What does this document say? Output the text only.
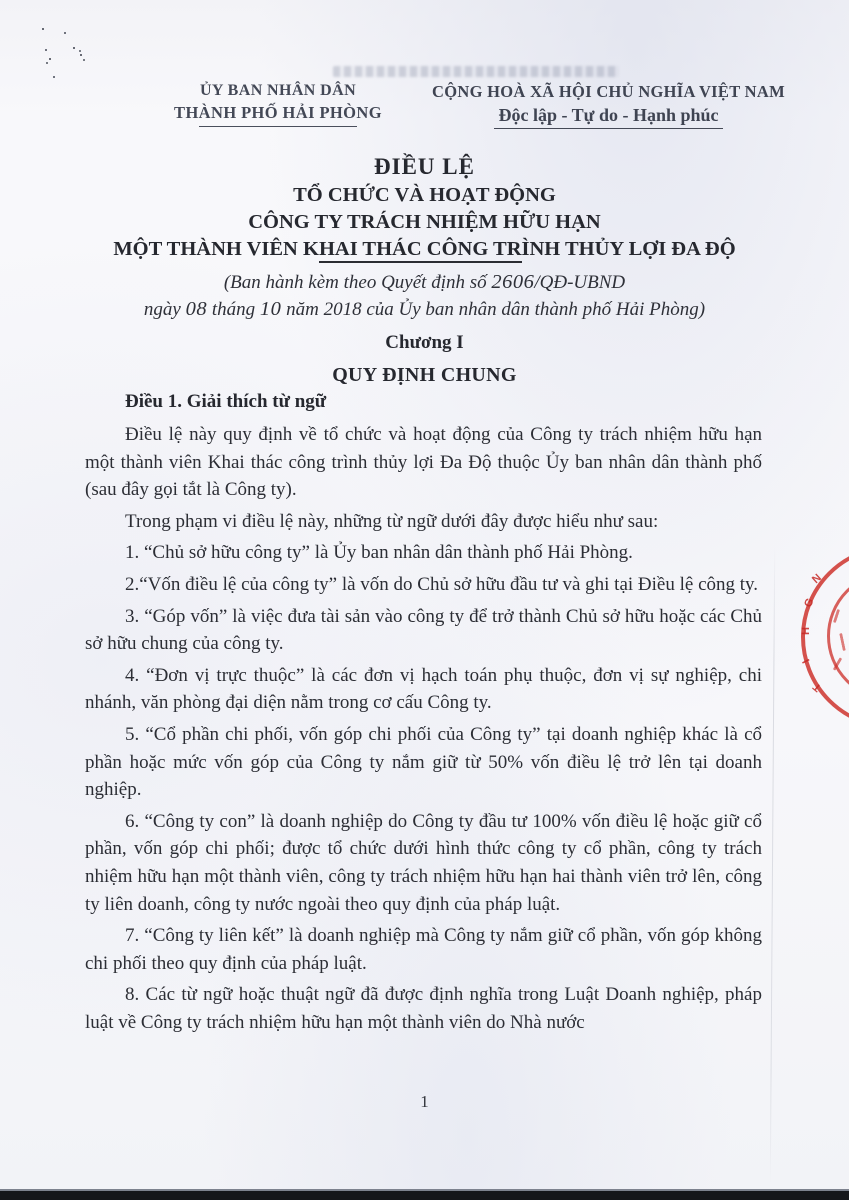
ỦY BAN NHÂN DÂN
THÀNH PHỐ HẢI PHÒNG
CỘNG HOÀ XÃ HỘI CHỦ NGHĨA VIỆT NAM
Độc lập - Tự do - Hạnh phúc
ĐIỀU LỆ
TỔ CHỨC VÀ HOẠT ĐỘNG
CÔNG TY TRÁCH NHIỆM HỮU HẠN
MỘT THÀNH VIÊN KHAI THÁC CÔNG TRÌNH THỦY LỢI ĐA ĐỘ
(Ban hành kèm theo Quyết định số 2606/QĐ-UBND
ngày 08 tháng 10 năm 2018 của Ủy ban nhân dân thành phố Hải Phòng)
Chương I
QUY ĐỊNH CHUNG
Điều 1. Giải thích từ ngữ

Điều lệ này quy định về tổ chức và hoạt động của Công ty trách nhiệm hữu hạn một thành viên Khai thác công trình thủy lợi Đa Độ thuộc Ủy ban nhân dân thành phố (sau đây gọi tắt là Công ty).

Trong phạm vi điều lệ này, những từ ngữ dưới đây được hiểu như sau:

1. “Chủ sở hữu công ty” là Ủy ban nhân dân thành phố Hải Phòng.

2.“Vốn điều lệ của công ty” là vốn do Chủ sở hữu đầu tư và ghi tại Điều lệ công ty.

3. “Góp vốn” là việc đưa tài sản vào công ty để trở thành Chủ sở hữu hoặc các Chủ sở hữu chung của công ty.

4. “Đơn vị trực thuộc” là các đơn vị hạch toán phụ thuộc, đơn vị sự nghiệp, chi nhánh, văn phòng đại diện nằm trong cơ cấu Công ty.

5. “Cổ phần chi phối, vốn góp chi phối của Công ty” tại doanh nghiệp khác là cổ phần hoặc mức vốn góp của Công ty nắm giữ từ 50% vốn điều lệ trở lên tại doanh nghiệp.

6. “Công ty con” là doanh nghiệp do Công ty đầu tư 100% vốn điều lệ hoặc giữ cổ phần, vốn góp chi phối; được tổ chức dưới hình thức công ty cổ phần, công ty trách nhiệm hữu hạn một thành viên, công ty trách nhiệm hữu hạn hai thành viên trở lên, công ty liên doanh, công ty nước ngoài theo quy định của pháp luật.

7. “Công ty liên kết” là doanh nghiệp mà Công ty nắm giữ cổ phần, vốn góp không chi phối theo quy định của pháp luật.

8. Các từ ngữ hoặc thuật ngữ đã được định nghĩa trong Luật Doanh nghiệp, pháp luật về Công ty trách nhiệm hữu hạn một thành viên do Nhà nước

1
N
G
H
I
T
